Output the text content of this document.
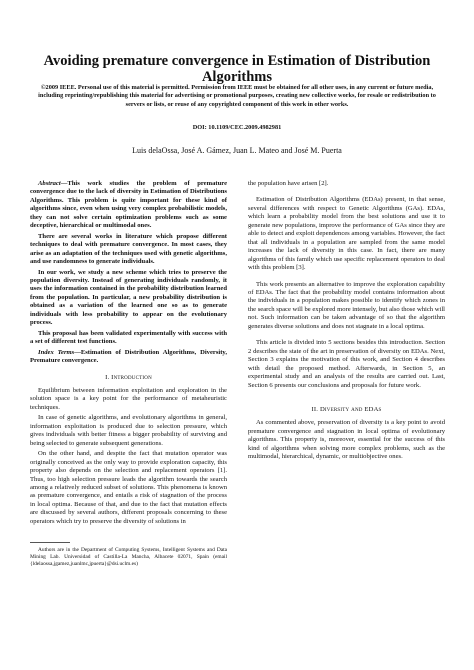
Avoiding premature convergence in Estimation of Distribution Algorithms
©2009 IEEE. Personal use of this material is permitted. Permission from IEEE must be obtained for all other uses, in any current or future media, including reprinting/republishing this material for advertising or promotional purposes, creating new collective works, for resale or redistribution to servers or lists, or reuse of any copyrighted component of this work in other works.
DOI: 10.1109/CEC.2009.4982981
Luis delaOssa, José A. Gámez, Juan L. Mateo and José M. Puerta

Abstract—This work studies the problem of premature convergence due to the lack of diversity in Estimation of Distributions Algorithms. This problem is quite important for these kind of algorithms since, even when using very complex probabilistic models, they can not solve certain optimization problems such as some deceptive, hierarchical or multimodal ones.

There are several works in literature which propose different techniques to deal with premature convergence. In most cases, they arise as an adaptation of the techniques used with genetic algorithms, and use randomness to generate individuals.

In our work, we study a new scheme which tries to preserve the population diversity. Instead of generating individuals randomly, it uses the information contained in the probability distribution learned from the population. In particular, a new probability distribution is obtained as a variation of the learned one so as to generate individuals with less probability to appear on the evolutionary process.

This proposal has been validated experimentally with success with a set of different test functions.

Index Terms—Estimation of Distribution Algorithms, Diversity, Premature convergence.

I. Introduction

Equilibrium between information exploitation and exploration in the solution space is a key point for the performance of metaheuristic techniques.

In case of genetic algorithms, and evolutionary algorithms in general, information exploitation is produced due to selection pressure, which gives individuals with better fitness a bigger probability of surviving and being selected to generate subsequent generations.

On the other hand, and despite the fact that mutation operator was originally conceived as the only way to provide exploration capacity, this property also depends on the selection and replacement operators [1]. Thus, too high selection pressure leads the algorithm towards the search among a relatively reduced subset of solutions. This phenomena is known as premature convergence, and entails a risk of stagnation of the process in local optima. Because of that, and due to the fact that mutation effects are discussed by several authors, different proposals concerning to these operators which try to preserve the diversity of solutions in

Authors are in the Department of Computing Systems, Intelligent Systems and Data Mining Lab. Universidad of Castilla-La Mancha, Albacete 02071, Spain (email {ldelaossa,jgamez,juanlmc,jpuerta}@dsi.uclm.es)

the population have arisen [2].

Estimation of Distribution Algorithms (EDAs) present, in that sense, several differences with respect to Genetic Algorithms (GAs). EDAs, which learn a probability model from the best solutions and use it to generate new populations, improve the performance of GAs since they are able to detect and exploit dependences among variables. However, the fact that all individuals in a population are sampled from the same model increases the lack of diversity in this case. In fact, there are many algorithms of this family which use specific replacement operators to deal with this problem [3].

This work presents an alternative to improve the exploration capability of EDAs. The fact that the probability model contains information about the individuals in a population makes possible to identify which zones in the search space will be explored more intensely, but also those which will not. Such information can be taken advantage of so that the algorithm generates diverse solutions and does not stagnate in a local optima.

This article is divided into 5 sections besides this introduction. Section 2 describes the state of the art in preservation of diversity on EDAs. Next, Section 3 explains the motivation of this work, and Section 4 describes with detail the proposed method. Afterwards, in Section 5, an experimental study and an analysis of the results are carried out. Last, Section 6 presents our conclusions and proposals for future work.

II. Diversity and EDAs

As commented above, preservation of diversity is a key point to avoid premature convergence and stagnation in local optima of evolutionary algorithms. This property is, moreover, essential for the success of this kind of algorithms when solving more complex problems, such as the multimodal, hierarchical, dynamic, or multiobjective ones.
